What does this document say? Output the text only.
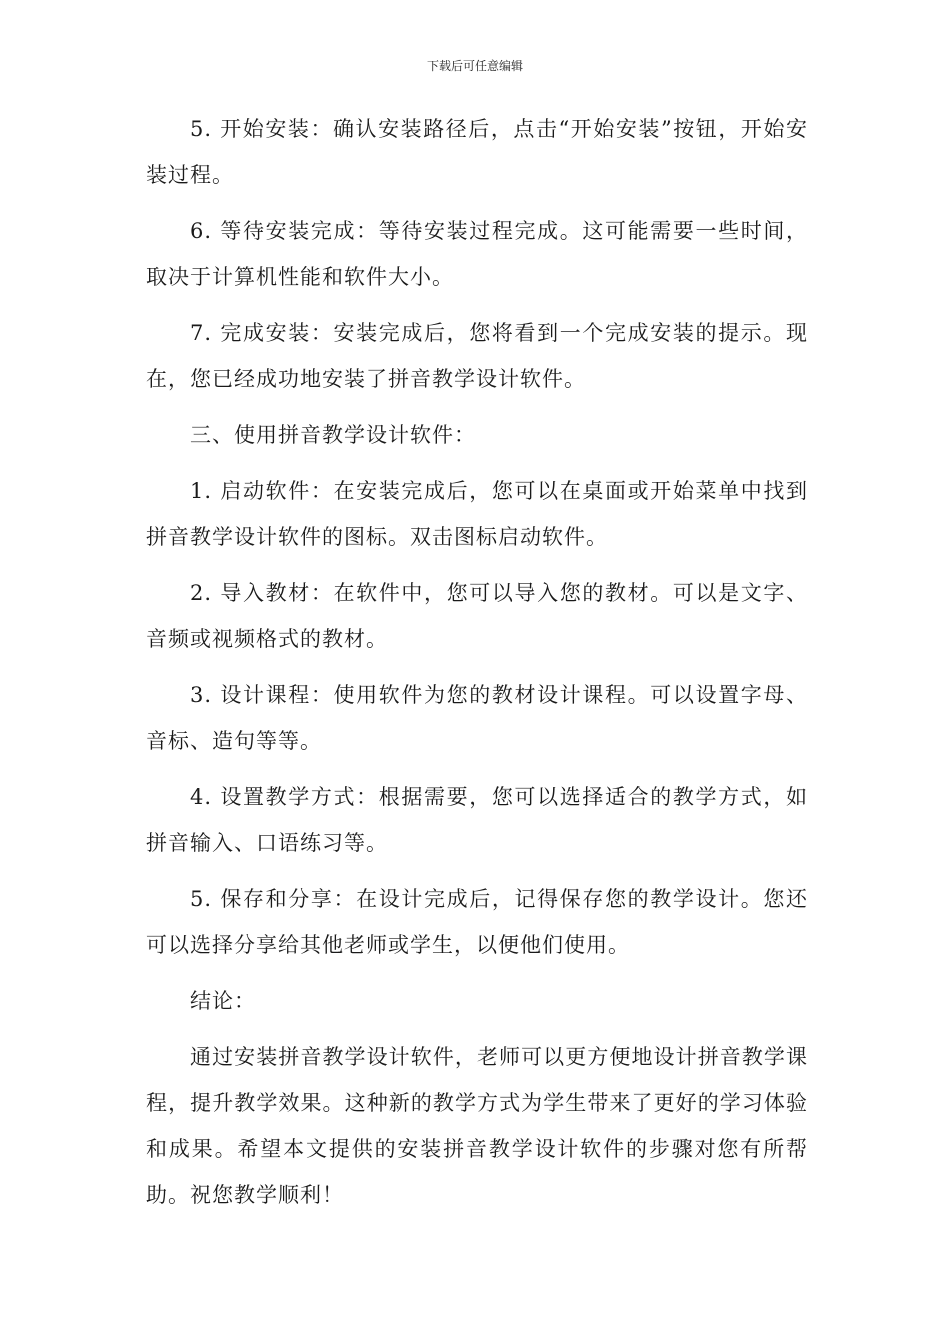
下载后可任意编辑

5. 开始安装：确认安装路径后，点击“开始安装”按钮，开始安装过程。

6. 等待安装完成：等待安装过程完成。这可能需要一些时间，取决于计算机性能和软件大小。

7. 完成安装：安装完成后，您将看到一个完成安装的提示。现在，您已经成功地安装了拼音教学设计软件。

三、使用拼音教学设计软件：

1. 启动软件：在安装完成后，您可以在桌面或开始菜单中找到拼音教学设计软件的图标。双击图标启动软件。

2. 导入教材：在软件中，您可以导入您的教材。可以是文字、音频或视频格式的教材。

3. 设计课程：使用软件为您的教材设计课程。可以设置字母、音标、造句等等。

4. 设置教学方式：根据需要，您可以选择适合的教学方式，如拼音输入、口语练习等。

5. 保存和分享：在设计完成后，记得保存您的教学设计。您还可以选择分享给其他老师或学生，以便他们使用。

结论：

通过安装拼音教学设计软件，老师可以更方便地设计拼音教学课程，提升教学效果。这种新的教学方式为学生带来了更好的学习体验和成果。希望本文提供的安装拼音教学设计软件的步骤对您有所帮助。祝您教学顺利！
